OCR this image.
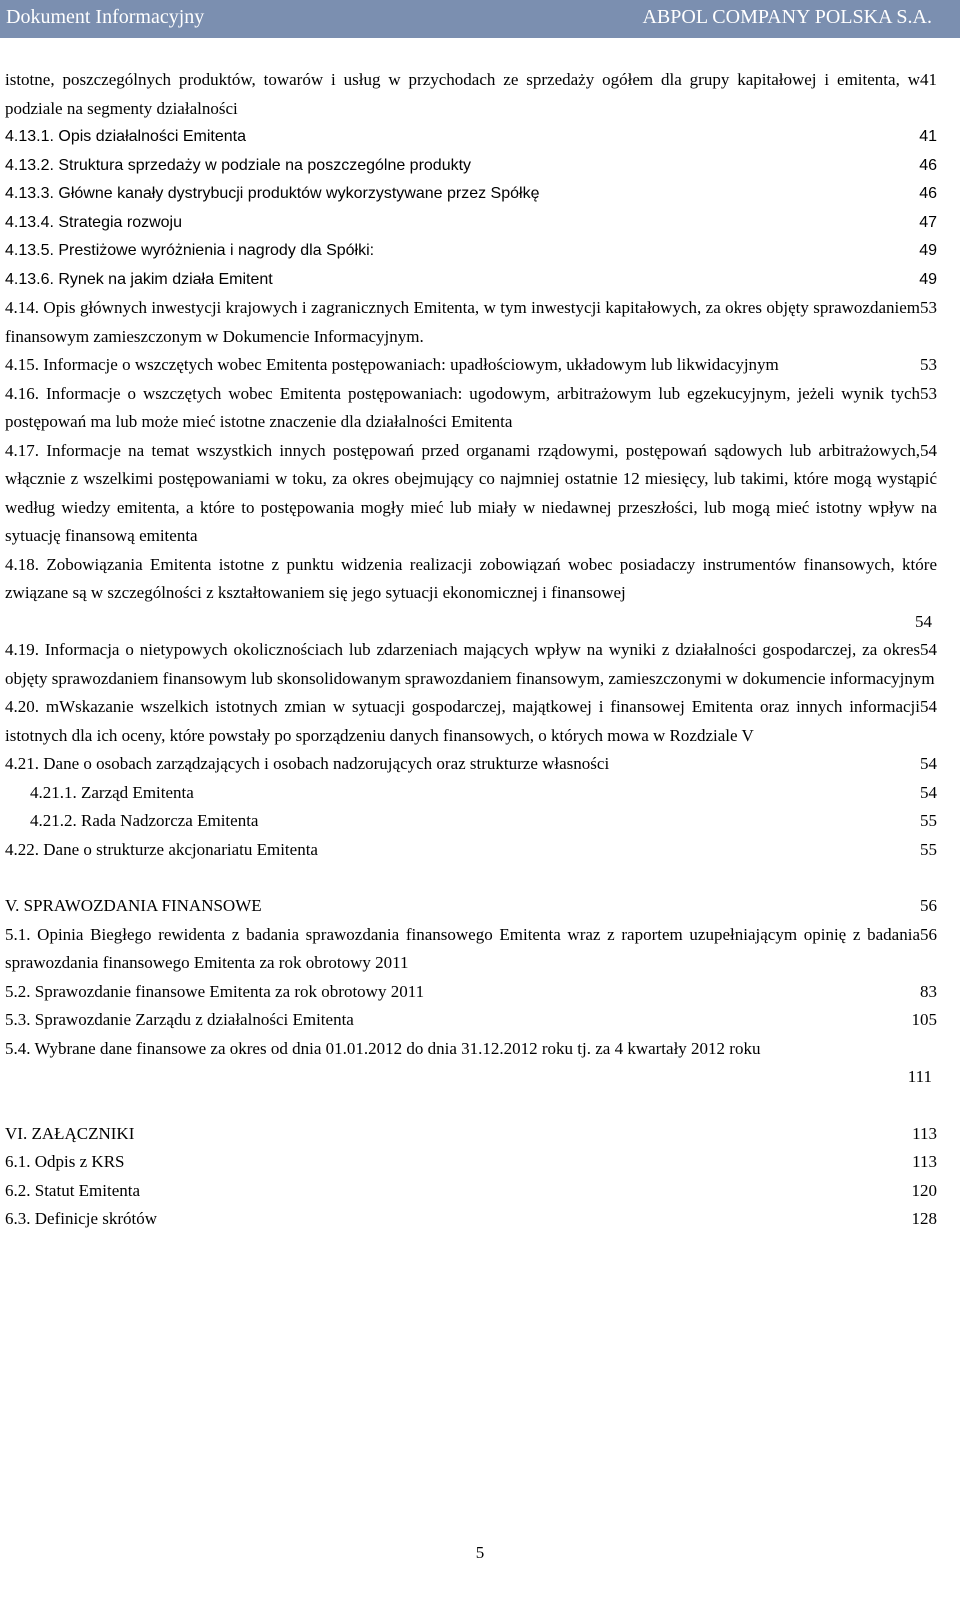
Dokument Informacyjny	ABPOL COMPANY POLSKA S.A.
41
istotne, poszczególnych produktów, towarów i usług w przychodach ze sprzedaży ogółem dla grupy kapitałowej i emitenta, w podziale na segmenty działalności
41
4.13.1. Opis działalności Emitenta
46
4.13.2. Struktura sprzedaży w podziale na poszczególne produkty
46
4.13.3. Główne kanały dystrybucji produktów wykorzystywane przez Spółkę
47
4.13.4. Strategia rozwoju
49
4.13.5. Prestiżowe wyróżnienia i nagrody dla Spółki:
49
4.13.6. Rynek na jakim działa Emitent
53
4.14. Opis głównych inwestycji krajowych i zagranicznych Emitenta, w tym inwestycji kapitałowych, za okres objęty sprawozdaniem finansowym zamieszczonym w Dokumencie Informacyjnym.
53
4.15. Informacje o wszczętych wobec Emitenta postępowaniach: upadłościowym, układowym lub likwidacyjnym
53
4.16. Informacje o wszczętych wobec Emitenta postępowaniach: ugodowym, arbitrażowym lub egzekucyjnym, jeżeli wynik tych postępowań ma lub może mieć istotne znaczenie dla działalności Emitenta
54
4.17. Informacje na temat wszystkich innych postępowań przed organami rządowymi, postępowań sądowych lub arbitrażowych, włącznie z wszelkimi postępowaniami w toku, za okres obejmujący co najmniej ostatnie 12 miesięcy, lub takimi, które mogą wystąpić według wiedzy emitenta, a które to postępowania mogły mieć lub miały w niedawnej przeszłości, lub mogą mieć istotny wpływ na sytuację finansową emitenta
4.18. Zobowiązania Emitenta istotne z punktu widzenia realizacji zobowiązań wobec posiadaczy instrumentów finansowych, które związane są w szczególności z kształtowaniem się jego sytuacji ekonomicznej i finansowej
54
54
4.19. Informacja o nietypowych okolicznościach lub zdarzeniach mających wpływ na wyniki z działalności gospodarczej, za okres objęty sprawozdaniem finansowym lub skonsolidowanym sprawozdaniem finansowym, zamieszczonymi w dokumencie informacyjnym
54
4.20. mWskazanie wszelkich istotnych zmian w sytuacji gospodarczej, majątkowej i finansowej Emitenta oraz innych informacji istotnych dla ich oceny, które powstały po sporządzeniu danych finansowych, o których mowa w Rozdziale V
54
4.21. Dane o osobach zarządzających i osobach nadzorujących oraz strukturze własności
54
4.21.1. Zarząd Emitenta
55
4.21.2. Rada Nadzorcza Emitenta
55
4.22. Dane o strukturze akcjonariatu Emitenta
56
V. SPRAWOZDANIA FINANSOWE
56
5.1. Opinia Biegłego rewidenta z badania sprawozdania finansowego Emitenta wraz z raportem uzupełniającym opinię z badania sprawozdania finansowego Emitenta za rok obrotowy 2011
83
5.2. Sprawozdanie finansowe Emitenta za rok obrotowy 2011
105
5.3. Sprawozdanie Zarządu z działalności Emitenta
5.4. Wybrane dane finansowe za okres od dnia 01.01.2012 do dnia 31.12.2012 roku tj. za 4 kwartały 2012 roku
111
113
VI. ZAŁĄCZNIKI
113
6.1. Odpis z KRS
120
6.2. Statut Emitenta
128
6.3. Definicje skrótów
5
